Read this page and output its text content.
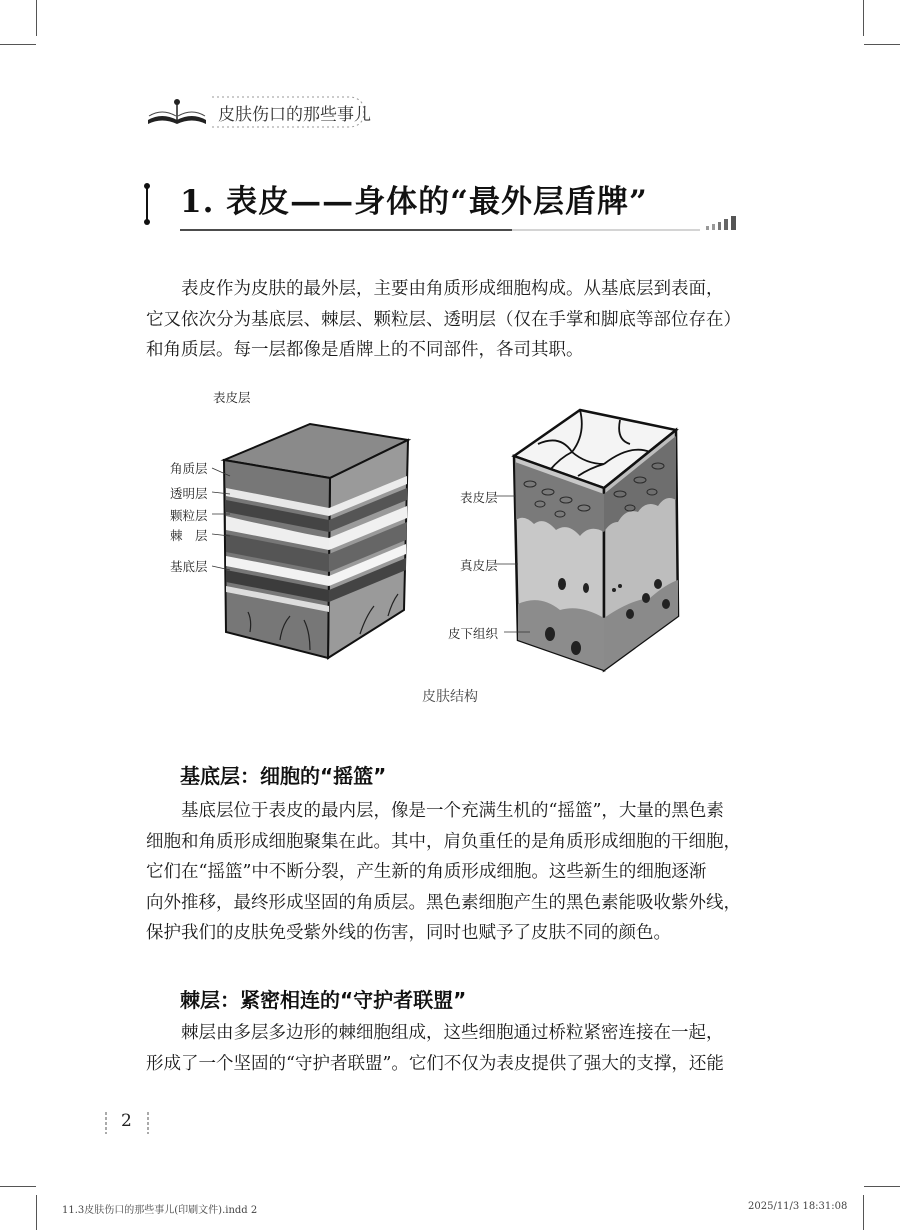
皮肤伤口的那些事儿
1. 表皮——身体的“最外层盾牌”
表皮作为皮肤的最外层，主要由角质形成细胞构成。从基底层到表面，
它又依次分为基底层、棘层、颗粒层、透明层（仅在手掌和脚底等部位存在）
和角质层。每一层都像是盾牌上的不同部件，各司其职。
表皮层
角质层
透明层
颗粒层
棘　层
基底层
表皮层
真皮层
皮下组织
皮肤结构
基底层：细胞的“摇篮”
基底层位于表皮的最内层，像是一个充满生机的“摇篮”，大量的黑色素
细胞和角质形成细胞聚集在此。其中，肩负重任的是角质形成细胞的干细胞，
它们在“摇篮”中不断分裂，产生新的角质形成细胞。这些新生的细胞逐渐
向外推移，最终形成坚固的角质层。黑色素细胞产生的黑色素能吸收紫外线，
保护我们的皮肤免受紫外线的伤害，同时也赋予了皮肤不同的颜色。
棘层：紧密相连的“守护者联盟”
棘层由多层多边形的棘细胞组成，这些细胞通过桥粒紧密连接在一起，
形成了一个坚固的“守护者联盟”。它们不仅为表皮提供了强大的支撑，还能
2
11.3皮肤伤口的那些事儿(印刷文件).indd 2	2025/11/3 18:31:08
